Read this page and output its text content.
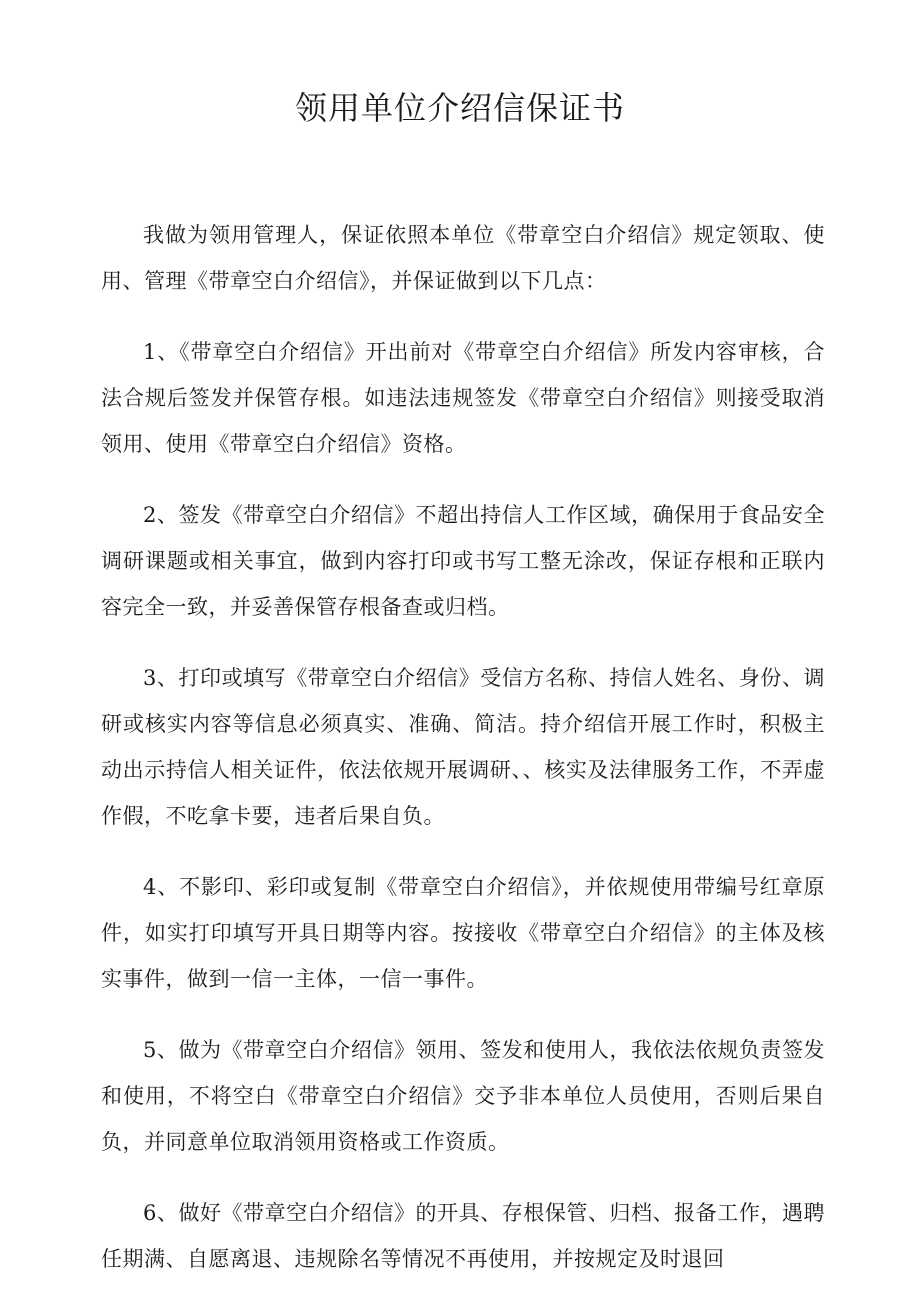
领用单位介绍信保证书

我做为领用管理人，保证依照本单位《带章空白介绍信》规定领取、使用、管理《带章空白介绍信》，并保证做到以下几点：

1、《带章空白介绍信》开出前对《带章空白介绍信》所发内容审核，合法合规后签发并保管存根。如违法违规签发《带章空白介绍信》则接受取消领用、使用《带章空白介绍信》资格。

2、签发《带章空白介绍信》不超出持信人工作区域，确保用于食品安全调研课题或相关事宜，做到内容打印或书写工整无涂改，保证存根和正联内容完全一致，并妥善保管存根备查或归档。

3、打印或填写《带章空白介绍信》受信方名称、持信人姓名、身份、调研或核实内容等信息必须真实、准确、简洁。持介绍信开展工作时，积极主动出示持信人相关证件，依法依规开展调研、、核实及法律服务工作，不弄虚作假，不吃拿卡要，违者后果自负。

4、不影印、彩印或复制《带章空白介绍信》，并依规使用带编号红章原件，如实打印填写开具日期等内容。按接收《带章空白介绍信》的主体及核实事件，做到一信一主体，一信一事件。

5、做为《带章空白介绍信》领用、签发和使用人，我依法依规负责签发和使用，不将空白《带章空白介绍信》交予非本单位人员使用，否则后果自负，并同意单位取消领用资格或工作资质。

6、做好《带章空白介绍信》的开具、存根保管、归档、报备工作，遇聘任期满、自愿离退、违规除名等情况不再使用，并按规定及时退回
